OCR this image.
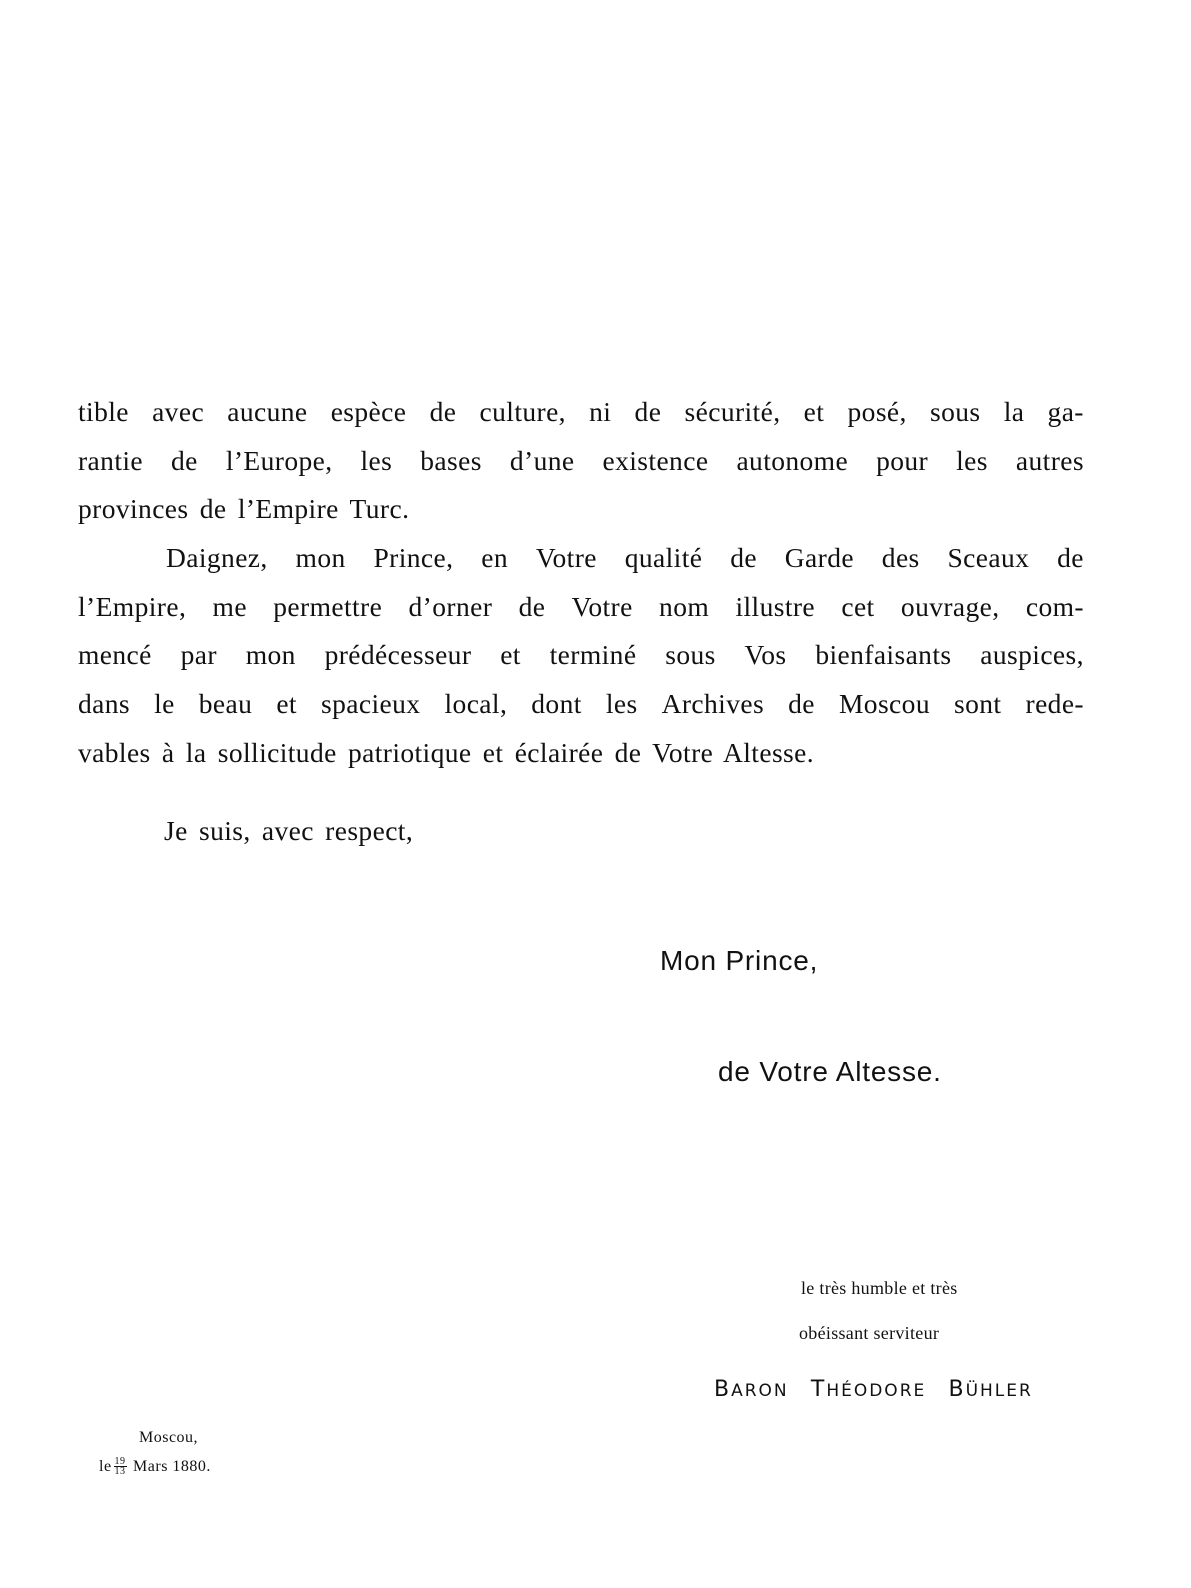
tible avec aucune espèce de culture, ni de sécurité, et posé, sous la ga-
rantie de l’Europe, les bases d’une existence autonome pour les autres
provinces de l’Empire Turc.
Daignez, mon Prince, en Votre qualité de Garde des Sceaux de
l’Empire, me permettre d’orner de Votre nom illustre cet ouvrage, com-
mencé par mon prédécesseur et terminé sous Vos bienfaisants auspices,
dans le beau et spacieux local, dont les Archives de Moscou sont rede-
vables à la sollicitude patriotique et éclairée de Votre Altesse.
Je suis, avec respect,
Mon Prince,
de Votre Altesse.
le très humble et très
obéissant serviteur
BARON THÉODORE BÜHLER
Moscou,
le $\frac{19}{13}$ Mars 1880.
